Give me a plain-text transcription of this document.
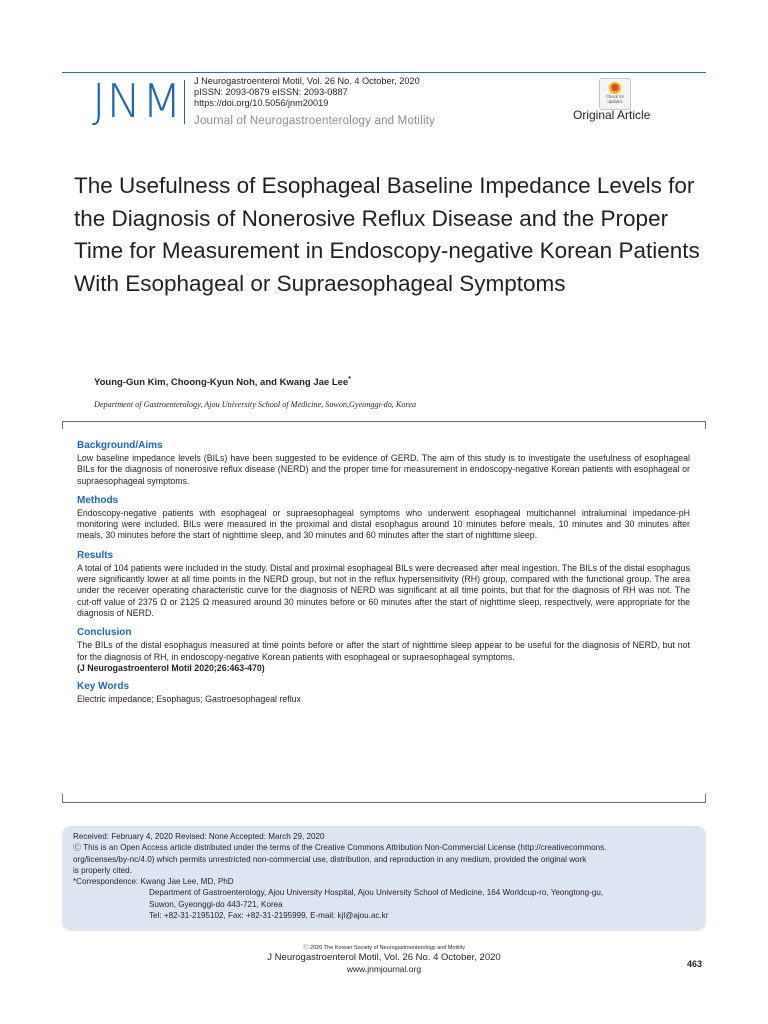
JNM J Neurogastroenterol Motil, Vol. 26 No. 4 October, 2020
pISSN: 2093-0879 eISSN: 2093-0887
https://doi.org/10.5056/jnm20019
Journal of Neurogastroenterology and Motility
Check for
updates
Original Article
The Usefulness of Esophageal Baseline Impedance Levels for the Diagnosis of Nonerosive Reflux Disease and the Proper Time for Measurement in Endoscopy-negative Korean Patients With Esophageal or Supraesophageal Symptoms
Young-Gun Kim, Choong-Kyun Noh, and Kwang Jae Lee*
Department of Gastroenterology, Ajou University School of Medicine, Suwon,Gyeonggi-do, Korea
Background/Aims

Low baseline impedance levels (BILs) have been suggested to be evidence of GERD. The aim of this study is to investigate the usefulness of esophageal BILs for the diagnosis of nonerosive reflux disease (NERD) and the proper time for measurement in endoscopy-negative Korean patients with esophageal or supraesophageal symptoms.

Methods

Endoscopy-negative patients with esophageal or supraesophageal symptoms who underwent esophageal multichannel intraluminal impedance-pH monitoring were included. BILs were measured in the proximal and distal esophagus around 10 minutes before meals, 10 minutes and 30 minutes after meals, 30 minutes before the start of nighttime sleep, and 30 minutes and 60 minutes after the start of nighttime sleep.

Results

A total of 104 patients were included in the study. Distal and proximal esophageal BILs were decreased after meal ingestion. The BILs of the distal esophagus were significantly lower at all time points in the NERD group, but not in the reflux hypersensitivity (RH) group, compared with the functional group. The area under the receiver operating characteristic curve for the diagnosis of NERD was significant at all time points, but that for the diagnosis of RH was not. The cut-off value of 2375 Ω or 2125 Ω measured around 30 minutes before or 60 minutes after the start of nighttime sleep, respectively, were appropriate for the diagnosis of NERD.

Conclusion

The BILs of the distal esophagus measured at time points before or after the start of nighttime sleep appear to be useful for the diagnosis of NERD, but not for the diagnosis of RH, in endoscopy-negative Korean patients with esophageal or supraesophageal symptoms.

(J Neurogastroenterol Motil 2020;26:463-470)
Key Words

Electric impedance; Esophagus; Gastroesophageal reflux

Received: February 4, 2020 Revised: None Accepted: March 29, 2020
Ⓒ This is an Open Access article distributed under the terms of the Creative Commons Attribution Non-Commercial License (http://creativecommons.
org/licenses/by-nc/4.0) which permits unrestricted non-commercial use, distribution, and reproduction in any medium, provided the original work
is properly cited.
*Correspondence: Kwang Jae Lee, MD, PhD
Department of Gastroenterology, Ajou University Hospital, Ajou University School of Medicine, 164 Worldcup-ro, Yeongtong-gu,
Suwon, Gyeonggi-do 443-721, Korea
Tel: +82-31-2195102, Fax: +82-31-2195999, E-mail: kjl@ajou.ac.kr
Ⓒ 2020 The Korean Society of Neurogastroenterology and Motility
J Neurogastroenterol Motil, Vol. 26 No. 4 October, 2020
www.jnmjournal.org	463
